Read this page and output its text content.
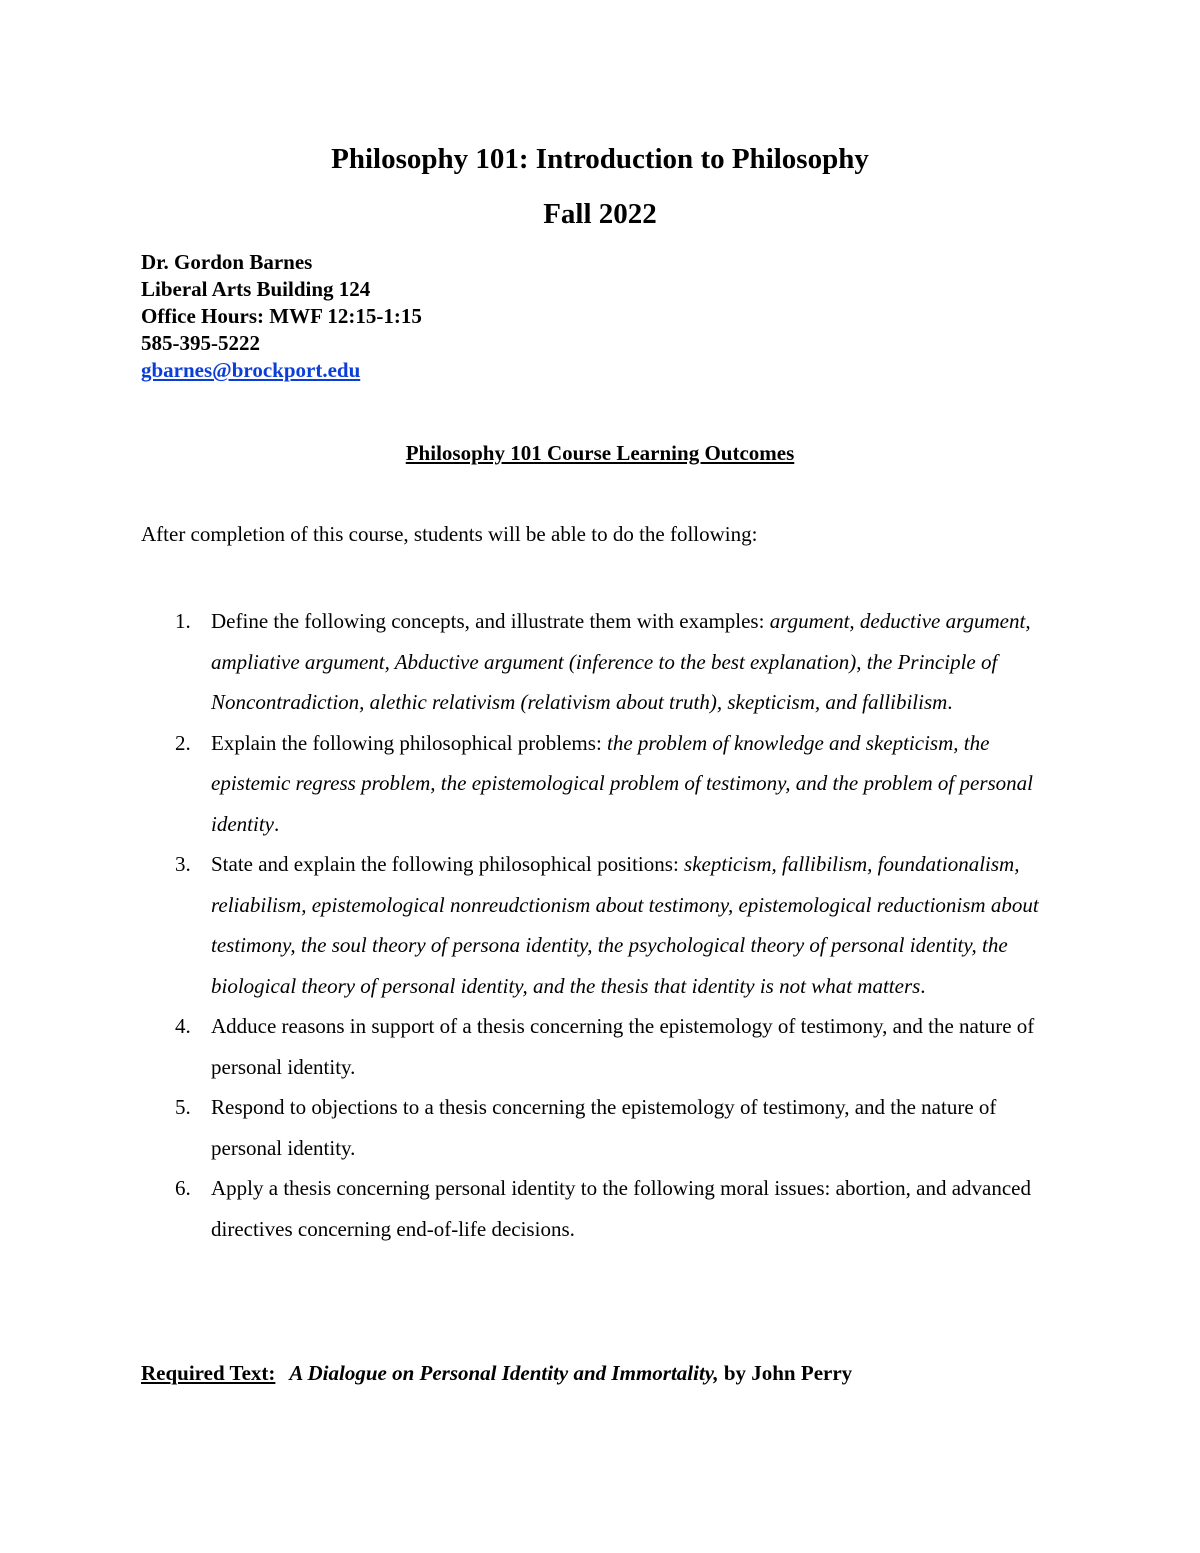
Philosophy 101: Introduction to Philosophy
Fall 2022
Dr. Gordon Barnes
Liberal Arts Building 124
Office Hours: MWF 12:15-1:15
585-395-5222
gbarnes@brockport.edu
Philosophy 101 Course Learning Outcomes
After completion of this course, students will be able to do the following:
1. Define the following concepts, and illustrate them with examples: argument, deductive argument, ampliative argument, Abductive argument (inference to the best explanation), the Principle of Noncontradiction, alethic relativism (relativism about truth), skepticism, and fallibilism.
2. Explain the following philosophical problems: the problem of knowledge and skepticism, the epistemic regress problem, the epistemological problem of testimony, and the problem of personal identity.
3. State and explain the following philosophical positions: skepticism, fallibilism, foundationalism, reliabilism, epistemological nonreudctionism about testimony, epistemological reductionism about testimony, the soul theory of persona identity, the psychological theory of personal identity, the biological theory of personal identity, and the thesis that identity is not what matters.
4. Adduce reasons in support of a thesis concerning the epistemology of testimony, and the nature of personal identity.
5. Respond to objections to a thesis concerning the epistemology of testimony, and the nature of personal identity.
6. Apply a thesis concerning personal identity to the following moral issues: abortion, and advanced directives concerning end-of-life decisions.
Required Text: A Dialogue on Personal Identity and Immortality, by John Perry
